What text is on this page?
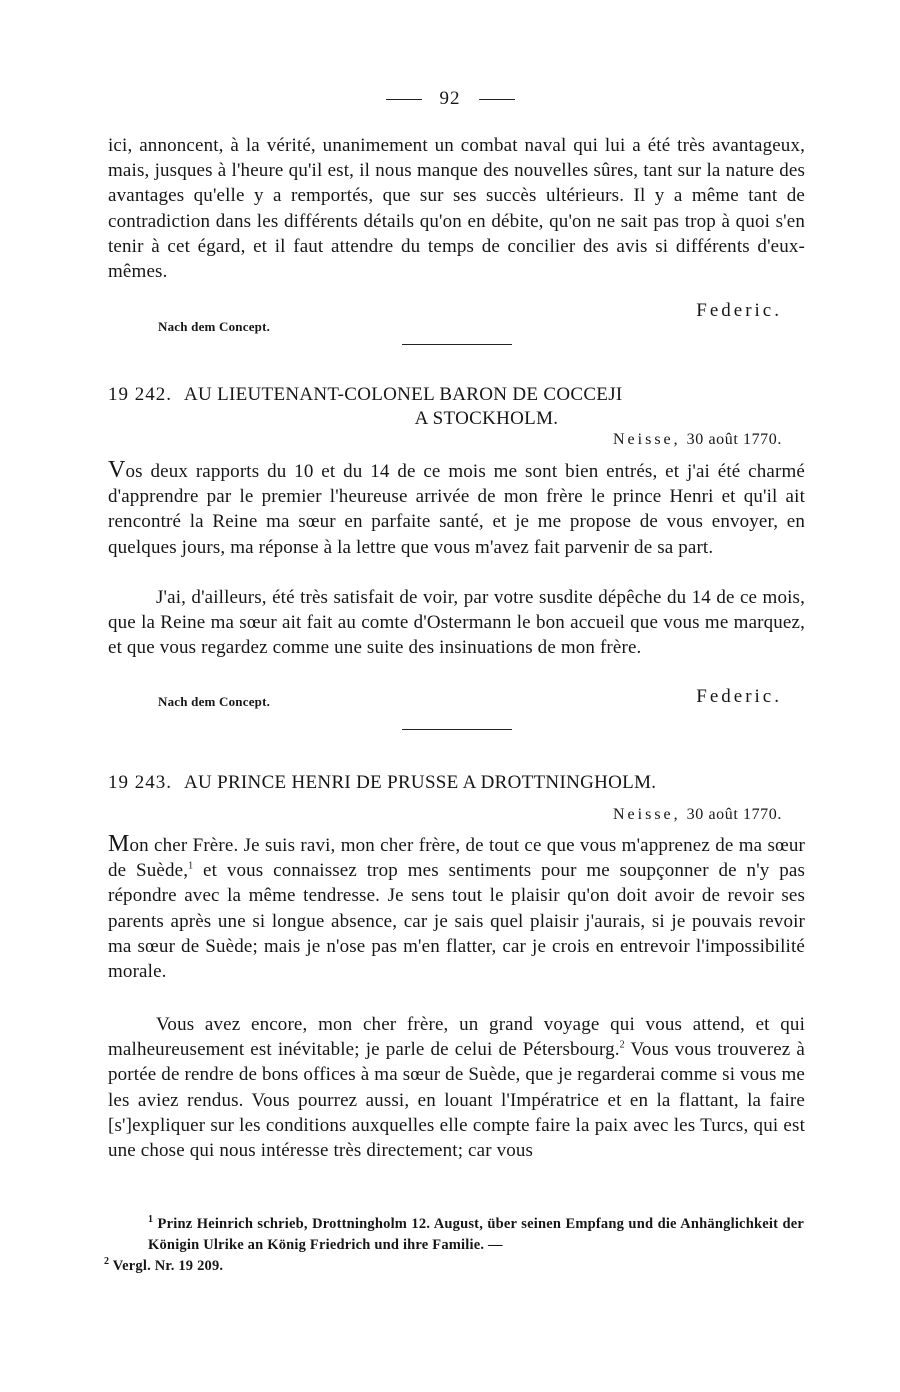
92
ici, annoncent, à la vérité, unanimement un combat naval qui lui a été très avantageux, mais, jusques à l'heure qu'il est, il nous manque des nouvelles sûres, tant sur la nature des avantages qu'elle y a remportés, que sur ses succès ultérieurs. Il y a même tant de contradiction dans les différents détails qu'on en débite, qu'on ne sait pas trop à quoi s'en tenir à cet égard, et il faut attendre du temps de concilier des avis si différents d'eux-mêmes.
Federic.
Nach dem Concept.
19 242. AU LIEUTENANT-COLONEL BARON DE COCCEJI
A STOCKHOLM.
Neisse, 30 août 1770.
Vos deux rapports du 10 et du 14 de ce mois me sont bien entrés, et j'ai été charmé d'apprendre par le premier l'heureuse arrivée de mon frère le prince Henri et qu'il ait rencontré la Reine ma sœur en parfaite santé, et je me propose de vous envoyer, en quelques jours, ma réponse à la lettre que vous m'avez fait parvenir de sa part.
J'ai, d'ailleurs, été très satisfait de voir, par votre susdite dépêche du 14 de ce mois, que la Reine ma sœur ait fait au comte d'Ostermann le bon accueil que vous me marquez, et que vous regardez comme une suite des insinuations de mon frère.
Federic.
Nach dem Concept.
19 243. AU PRINCE HENRI DE PRUSSE A DROTTNINGHOLM.
Neisse, 30 août 1770.
Mon cher Frère. Je suis ravi, mon cher frère, de tout ce que vous m'apprenez de ma sœur de Suède,$^1$ et vous connaissez trop mes sentiments pour me soupçonner de n'y pas répondre avec la même tendresse. Je sens tout le plaisir qu'on doit avoir de revoir ses parents après une si longue absence, car je sais quel plaisir j'aurais, si je pouvais revoir ma sœur de Suède; mais je n'ose pas m'en flatter, car je crois en entrevoir l'impossibilité morale.
Vous avez encore, mon cher frère, un grand voyage qui vous attend, et qui malheureusement est inévitable; je parle de celui de Pétersbourg.$^2$ Vous vous trouverez à portée de rendre de bons offices à ma sœur de Suède, que je regarderai comme si vous me les aviez rendus. Vous pourrez aussi, en louant l'Impératrice et en la flattant, la faire [s']expliquer sur les conditions auxquelles elle compte faire la paix avec les Turcs, qui est une chose qui nous intéresse très directement; car vous
$^1$ Prinz Heinrich schrieb, Drottningholm 12. August, über seinen Empfang und die Anhänglichkeit der Königin Ulrike an König Friedrich und ihre Familie. —
$^2$ Vergl. Nr. 19 209.
